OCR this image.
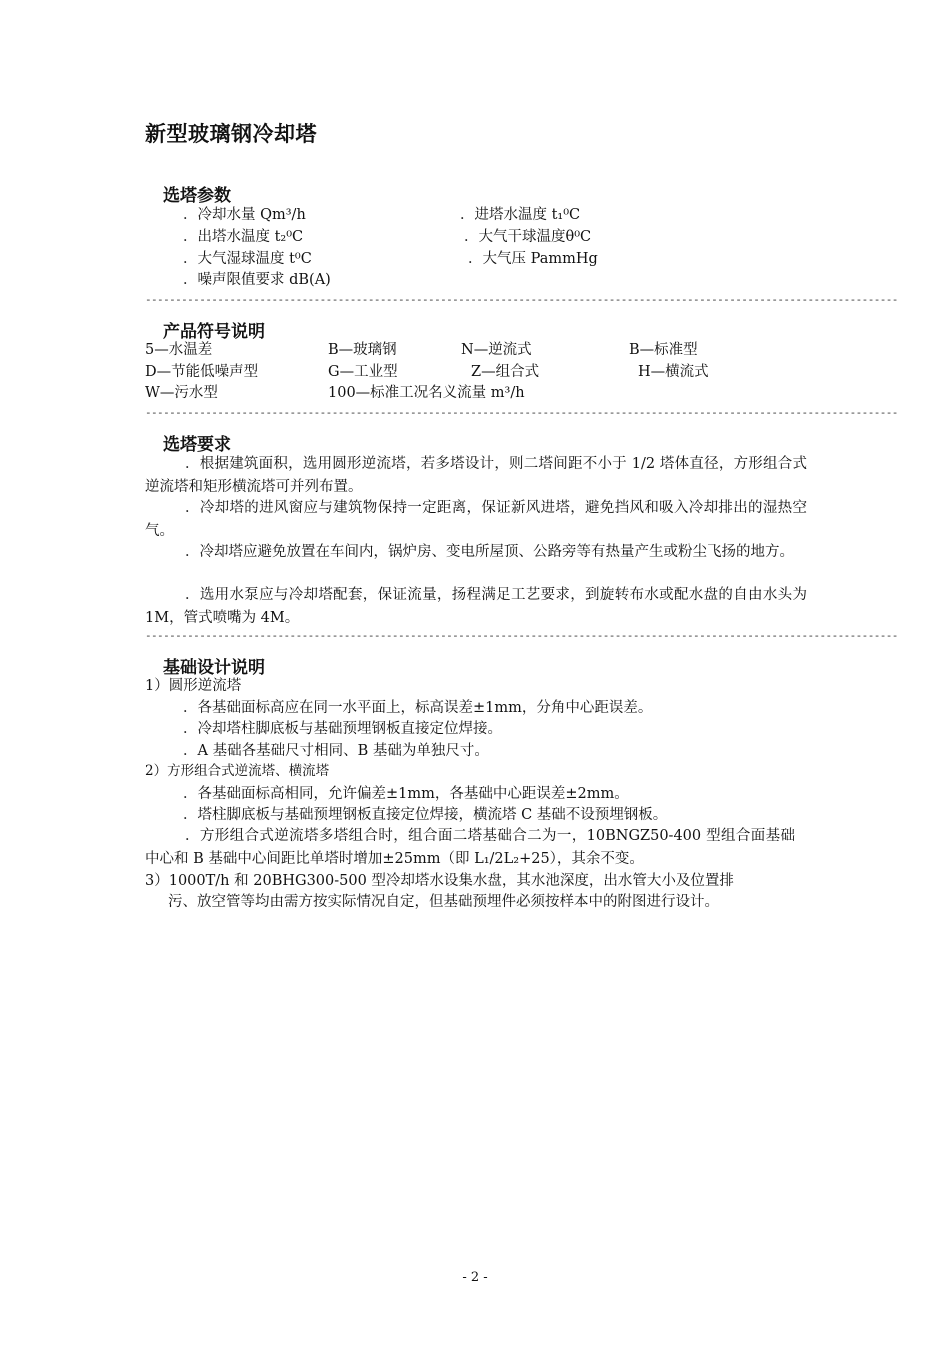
新型玻璃钢冷却塔
选塔参数
．冷却水量 Qm³/h	．进塔水温度 t₁⁰C
．出塔水温度 t₂⁰C	．大气干球温度θ⁰C
．大气湿球温度 t⁰C	．大气压 PammHg
．噪声限值要求 dB(A)
-----------------------------------------------------------------------------------------------------------------------------
产品符号说明
5—水温差	B—玻璃钢	N—逆流式	B—标准型
D—节能低噪声型	G—工业型	Z—组合式	H—横流式
W—污水型	100—标准工况名义流量 m³/h
-----------------------------------------------------------------------------------------------------------------------------
选塔要求
．根据建筑面积，选用圆形逆流塔，若多塔设计，则二塔间距不小于 1/2 塔体直径，方形组合式逆流塔和矩形横流塔可并列布置。
．冷却塔的进风窗应与建筑物保持一定距离，保证新风进塔，避免挡风和吸入冷却排出的湿热空气。
．冷却塔应避免放置在车间内，锅炉房、变电所屋顶、公路旁等有热量产生或粉尘飞扬的地方。
．选用水泵应与冷却塔配套，保证流量，扬程满足工艺要求，到旋转布水或配水盘的自由水头为 1M，管式喷嘴为 4M。
-----------------------------------------------------------------------------------------------------------------------------
基础设计说明
1）圆形逆流塔
．各基础面标高应在同一水平面上，标高误差±1mm，分角中心距误差。
．冷却塔柱脚底板与基础预埋钢板直接定位焊接。
．A 基础各基础尺寸相同、B 基础为单独尺寸。
2）方形组合式逆流塔、横流塔
．各基础面标高相同，允许偏差±1mm，各基础中心距误差±2mm。
．塔柱脚底板与基础预埋钢板直接定位焊接，横流塔 C 基础不设预埋钢板。
．方形组合式逆流塔多塔组合时，组合面二塔基础合二为一，10BNGZ50-400 型组合面基础中心和 B 基础中心间距比单塔时增加±25mm（即 L₁/2L₂+25），其余不变。
3）1000T/h 和 20BHG300-500 型冷却塔水设集水盘，其水池深度，出水管大小及位置排
污、放空管等均由需方按实际情况自定，但基础预埋件必须按样本中的附图进行设计。
- 2 -
